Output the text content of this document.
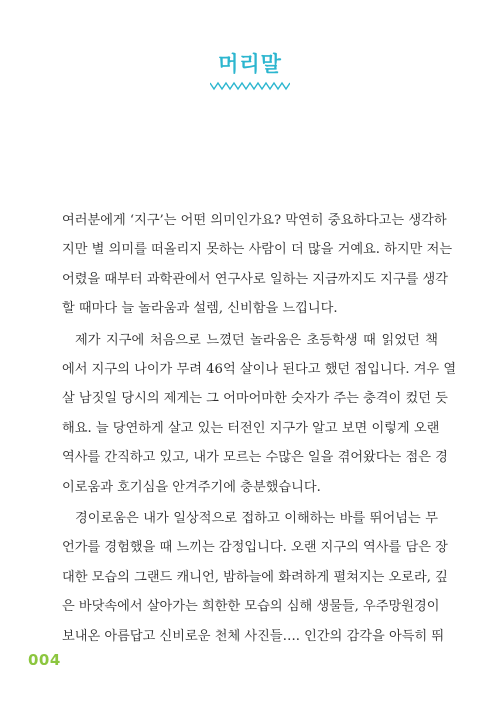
머리말

여러분에게 ‘지구’는 어떤 의미인가요? 막연히 중요하다고는 생각하
지만 별 의미를 떠올리지 못하는 사람이 더 많을 거예요. 하지만 저는
어렸을 때부터 과학관에서 연구사로 일하는 지금까지도 지구를 생각
할 때마다 늘 놀라움과 설렘, 신비함을 느낍니다.

제가 지구에 처음으로 느꼈던 놀라움은 초등학생 때 읽었던 책
에서 지구의 나이가 무려 46억 살이나 된다고 했던 점입니다. 겨우 열
살 남짓일 당시의 제게는 그 어마어마한 숫자가 주는 충격이 컸던 듯
해요. 늘 당연하게 살고 있는 터전인 지구가 알고 보면 이렇게 오랜
역사를 간직하고 있고, 내가 모르는 수많은 일을 겪어왔다는 점은 경
이로움과 호기심을 안겨주기에 충분했습니다.

경이로움은 내가 일상적으로 접하고 이해하는 바를 뛰어넘는 무
언가를 경험했을 때 느끼는 감정입니다. 오랜 지구의 역사를 담은 장
대한 모습의 그랜드 캐니언, 밤하늘에 화려하게 펼쳐지는 오로라, 깊
은 바닷속에서 살아가는 희한한 모습의 심해 생물들, 우주망원경이
보내온 아름답고 신비로운 천체 사진들…. 인간의 감각을 아득히 뛰

004
